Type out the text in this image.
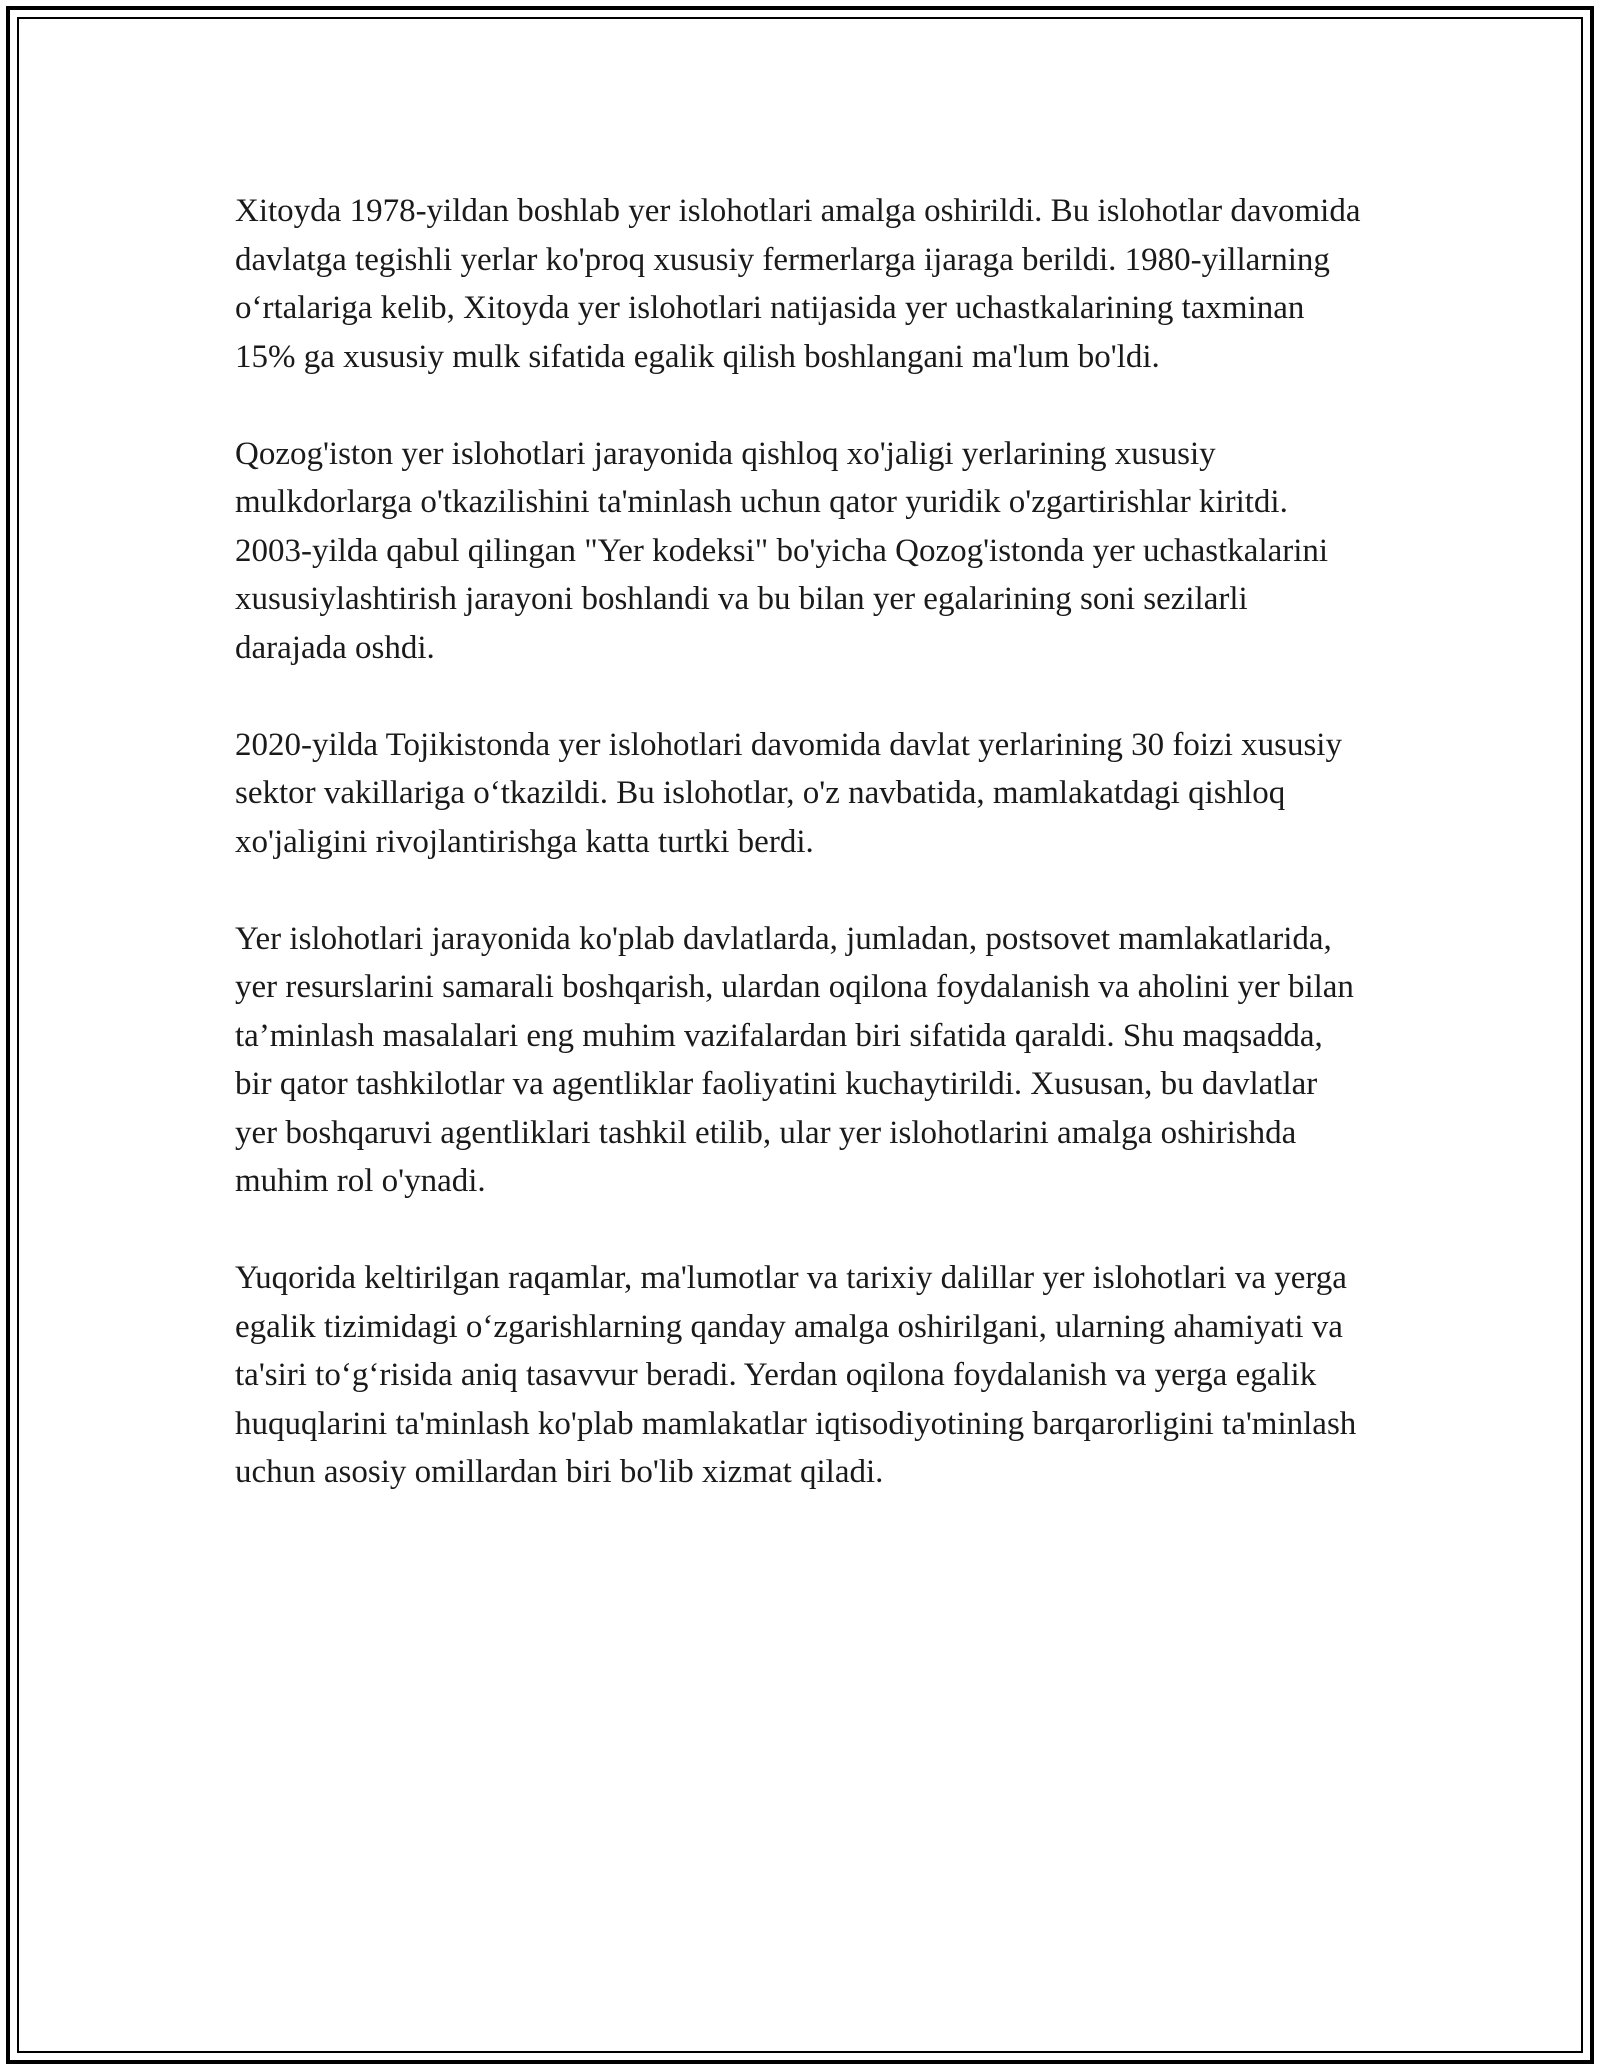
Xitoyda 1978-yildan boshlab yer islohotlari amalga oshirildi. Bu islohotlar davomida davlatga tegishli yerlar ko'proq xususiy fermerlarga ijaraga berildi. 1980-yillarning o‘rtalariga kelib, Xitoyda yer islohotlari natijasida yer uchastkalarining taxminan 15% ga xususiy mulk sifatida egalik qilish boshlangani ma'lum bo'ldi.

Qozog'iston yer islohotlari jarayonida qishloq xo'jaligi yerlarining xususiy mulkdorlarga o'tkazilishini ta'minlash uchun qator yuridik o'zgartirishlar kiritdi. 2003-yilda qabul qilingan "Yer kodeksi" bo'yicha Qozog'istonda yer uchastkalarini xususiylashtirish jarayoni boshlandi va bu bilan yer egalarining soni sezilarli darajada oshdi.

2020-yilda Tojikistonda yer islohotlari davomida davlat yerlarining 30 foizi xususiy sektor vakillariga o‘tkazildi. Bu islohotlar, o'z navbatida, mamlakatdagi qishloq xo'jaligini rivojlantirishga katta turtki berdi.

Yer islohotlari jarayonida ko'plab davlatlarda, jumladan, postsovet mamlakatlarida, yer resurslarini samarali boshqarish, ulardan oqilona foydalanish va aholini yer bilan ta’minlash masalalari eng muhim vazifalardan biri sifatida qaraldi. Shu maqsadda, bir qator tashkilotlar va agentliklar faoliyatini kuchaytirildi. Xususan, bu davlatlar yer boshqaruvi agentliklari tashkil etilib, ular yer islohotlarini amalga oshirishda muhim rol o'ynadi.

Yuqorida keltirilgan raqamlar, ma'lumotlar va tarixiy dalillar yer islohotlari va yerga egalik tizimidagi o‘zgarishlarning qanday amalga oshirilgani, ularning ahamiyati va ta'siri to‘g‘risida aniq tasavvur beradi. Yerdan oqilona foydalanish va yerga egalik huquqlarini ta'minlash ko'plab mamlakatlar iqtisodiyotining barqarorligini ta'minlash uchun asosiy omillardan biri bo'lib xizmat qiladi.
